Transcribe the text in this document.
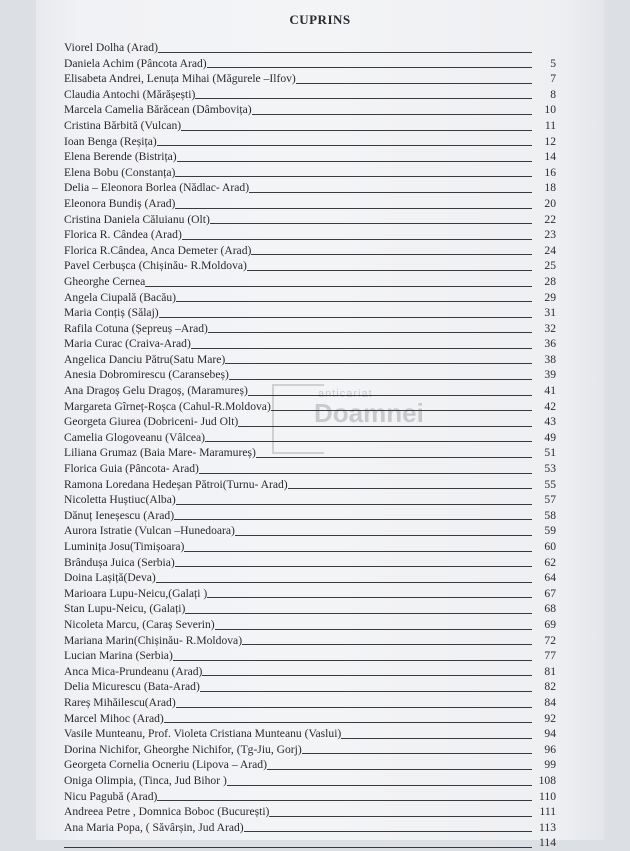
CUPRINS
anticariat
Doamnei
Viorel Dolha (Arad)
Daniela Achim (Pâncota Arad)	5
Elisabeta Andrei, Lenuța Mihai (Măgurele –Ilfov)	7
Claudia Antochi (Mărășești)	8
Marcela Camelia Bărăcean (Dâmbovița)	10
Cristina Bărbită (Vulcan)	11
Ioan Benga (Reșița)	12
Elena Berende (Bistrița)	14
Elena Bobu (Constanța)	16
Delia – Eleonora Borlea (Nădlac- Arad)	18
Eleonora Bundiș (Arad)	20
Cristina Daniela Căluianu (Olt)	22
Florica R. Cândea (Arad)	23
Florica R.Cândea, Anca Demeter (Arad)	24
Pavel Cerbușca (Chișinău- R.Moldova)	25
Gheorghe Cernea	28
Angela Ciupală (Bacău)	29
Maria Conțiș (Sălaj)	31
Rafila Cotuna (Șepreuș –Arad)	32
Maria Curac (Craiva-Arad)	36
Angelica Danciu Pătru(Satu Mare)	38
Anesia Dobromirescu (Caransebeș)	39
Ana Dragoș Gelu Dragoș, (Maramureș)	41
Margareta Gîrneț-Roșca (Cahul-R.Moldova)	42
Georgeta Giurea (Dobriceni- Jud Olt)	43
Camelia Glogoveanu (Vâlcea)	49
Liliana Grumaz (Baia Mare- Maramureș)	51
Florica Guia (Pâncota- Arad)	53
Ramona Loredana Hedeșan Pătroi(Turnu- Arad)	55
Nicoletta Huștiuc(Alba)	57
Dănuț Ieneșescu (Arad)	58
Aurora Istratie (Vulcan –Hunedoara)	59
Luminița Josu(Timișoara)	60
Brândușa Juica (Serbia)	62
Doina Lașiță(Deva)	64
Marioara Lupu-Neicu,(Galați )	67
Stan Lupu-Neicu, (Galați)	68
Nicoleta Marcu, (Caraș Severin)	69
Mariana Marin(Chișinău- R.Moldova)	72
Lucian Marina (Serbia)	77
Anca Mica-Prundeanu (Arad)	81
Delia Micurescu (Bata-Arad)	82
Rareș Mihăilescu(Arad)	84
Marcel Mihoc (Arad)	92
Vasile Munteanu, Prof. Violeta Cristiana Munteanu (Vaslui)	94
Dorina Nichifor, Gheorghe Nichifor, (Tg-Jiu, Gorj)	96
Georgeta Cornelia Ocneriu (Lipova – Arad)	99
Oniga Olimpia, (Tinca, Jud Bihor )	108
Nicu Pagubă (Arad)	110
Andreea Petre , Domnica Boboc (București)	111
Ana Maria Popa, ( Săvârșin, Jud Arad)	113
114
